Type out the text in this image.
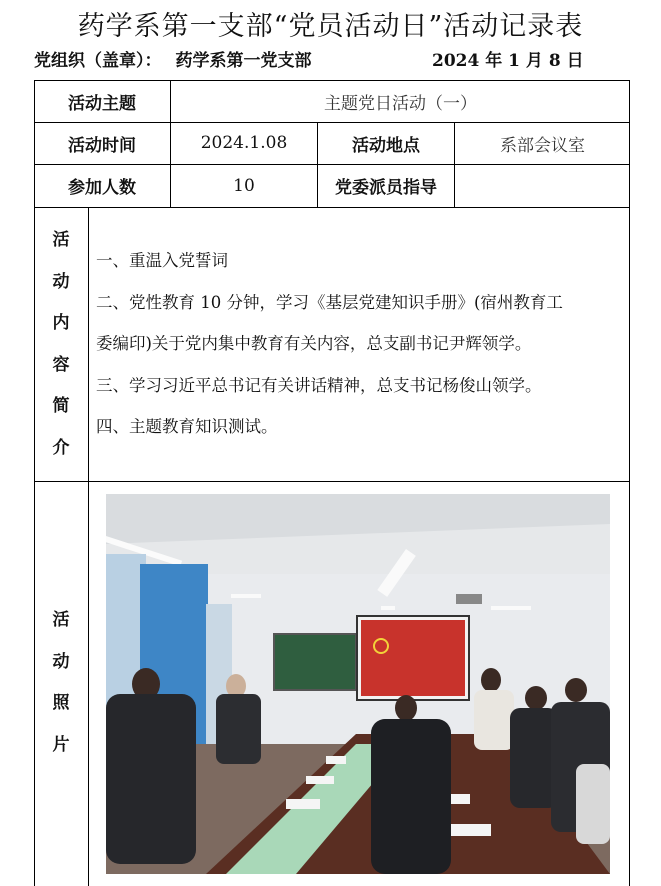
药学系第一支部“党员活动日”活动记录表
党组织（盖章）： 药学系第一党支部	2024 年 1 月 8 日
活动主题	主题党日活动（一）
活动时间	2024.1.08	活动地点	系部会议室
参加人数	10	党委派员指导
活
动
内
容
简
介

一、重温入党誓词

二、党性教育 10 分钟，学习《基层党建知识手册》(宿州教育工

委编印)关于党内集中教育有关内容，总支副书记尹辉领学。

三、学习习近平总书记有关讲话精神，总支书记杨俊山领学。

四、主题教育知识测试。

活
动
照
片
